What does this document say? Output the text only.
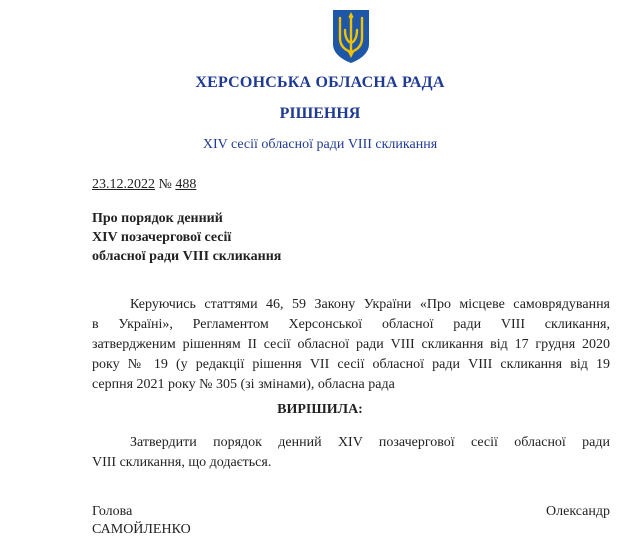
ХЕРСОНСЬКА ОБЛАСНА РАДА
РІШЕННЯ
XIV сесії обласної ради VIII скликання
23.12.2022 № 488
Про порядок денний
XIV позачергової сесії
обласної ради VIII скликання
Керуючись статтями 46, 59 Закону України «Про місцеве самоврядування
в Україні», Регламентом Херсонської обласної ради VIII скликання,
затвердженим рішенням ІІ сесії обласної ради VIII скликання від 17 грудня 2020
року № 19 (у редакції рішення VII сесії обласної ради VIII скликання від 19
серпня 2021 року № 305 (зі змінами), обласна рада
ВИРІШИЛА:
Затвердити порядок денний XIV позачергової сесії обласної ради
VIII скликання, що додається.
Голова	Олександр
САМОЙЛЕНКО
